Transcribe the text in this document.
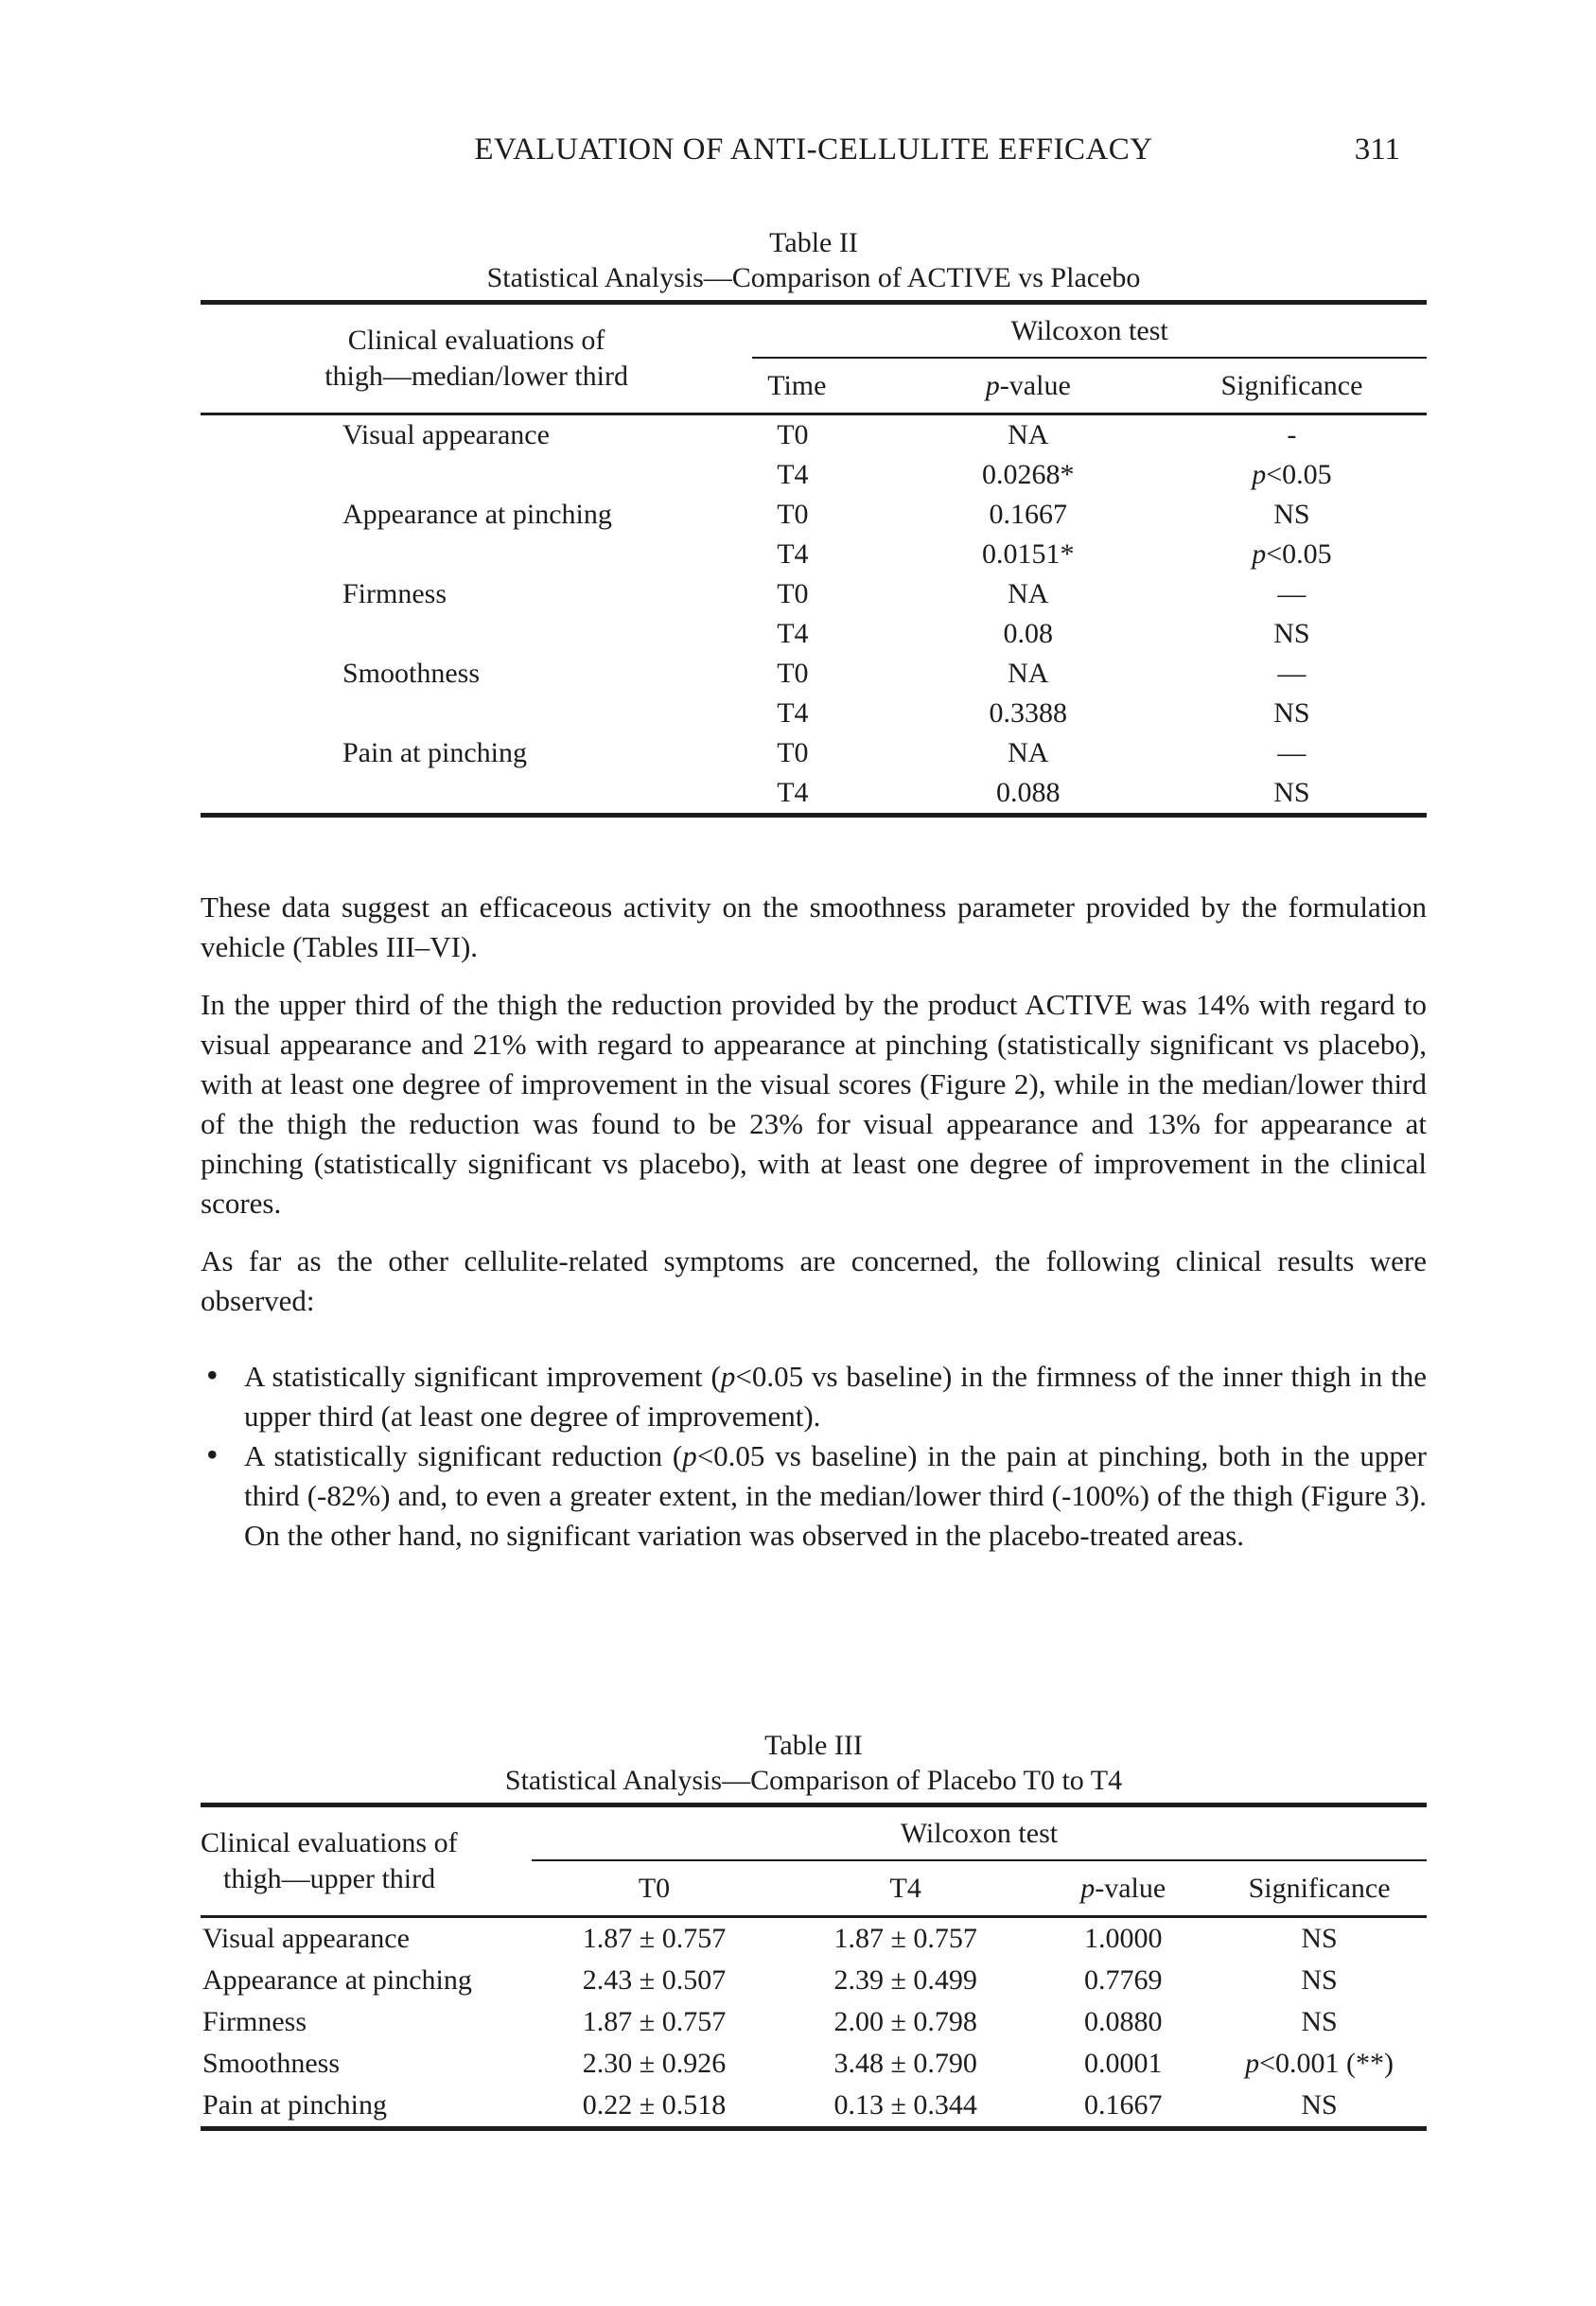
EVALUATION OF ANTI-CELLULITE EFFICACY	311

Table II

Statistical Analysis—Comparison of ACTIVE vs Placebo

Clinical evaluations of
thigh—median/lower third	Wilcoxon test		
	Time	p-value	Significance
Visual appearance	T0	NA	-
	T4	0.0268*	p<0.05
Appearance at pinching	T0	0.1667	NS
	T4	0.0151*	p<0.05
Firmness	T0	NA	—
	T4	0.08	NS
Smoothness	T0	NA	—
	T4	0.3388	NS
Pain at pinching	T0	NA	—
	T4	0.088	NS

These data suggest an efficaceous activity on the smoothness parameter provided by the formulation vehicle (Tables III–VI).

In the upper third of the thigh the reduction provided by the product ACTIVE was 14% with regard to visual appearance and 21% with regard to appearance at pinching (statistically significant vs placebo), with at least one degree of improvement in the visual scores (Figure 2), while in the median/lower third of the thigh the reduction was found to be 23% for visual appearance and 13% for appearance at pinching (statistically significant vs placebo), with at least one degree of improvement in the clinical scores.

As far as the other cellulite-related symptoms are concerned, the following clinical results were observed:

• A statistically significant improvement (p<0.05 vs baseline) in the firmness of the inner thigh in the upper third (at least one degree of improvement).
• A statistically significant reduction (p<0.05 vs baseline) in the pain at pinching, both in the upper third (-82%) and, to even a greater extent, in the median/lower third (-100%) of the thigh (Figure 3). On the other hand, no significant variation was observed in the placebo-treated areas.

Table III

Statistical Analysis—Comparison of Placebo T0 to T4

Clinical evaluations of
thigh—upper third	Wilcoxon test			
	T0	T4	p-value	Significance
Visual appearance	1.87 ± 0.757	1.87 ± 0.757	1.0000	NS
Appearance at pinching	2.43 ± 0.507	2.39 ± 0.499	0.7769	NS
Firmness	1.87 ± 0.757	2.00 ± 0.798	0.0880	NS
Smoothness	2.30 ± 0.926	3.48 ± 0.790	0.0001	p<0.001 (**)
Pain at pinching	0.22 ± 0.518	0.13 ± 0.344	0.1667	NS
